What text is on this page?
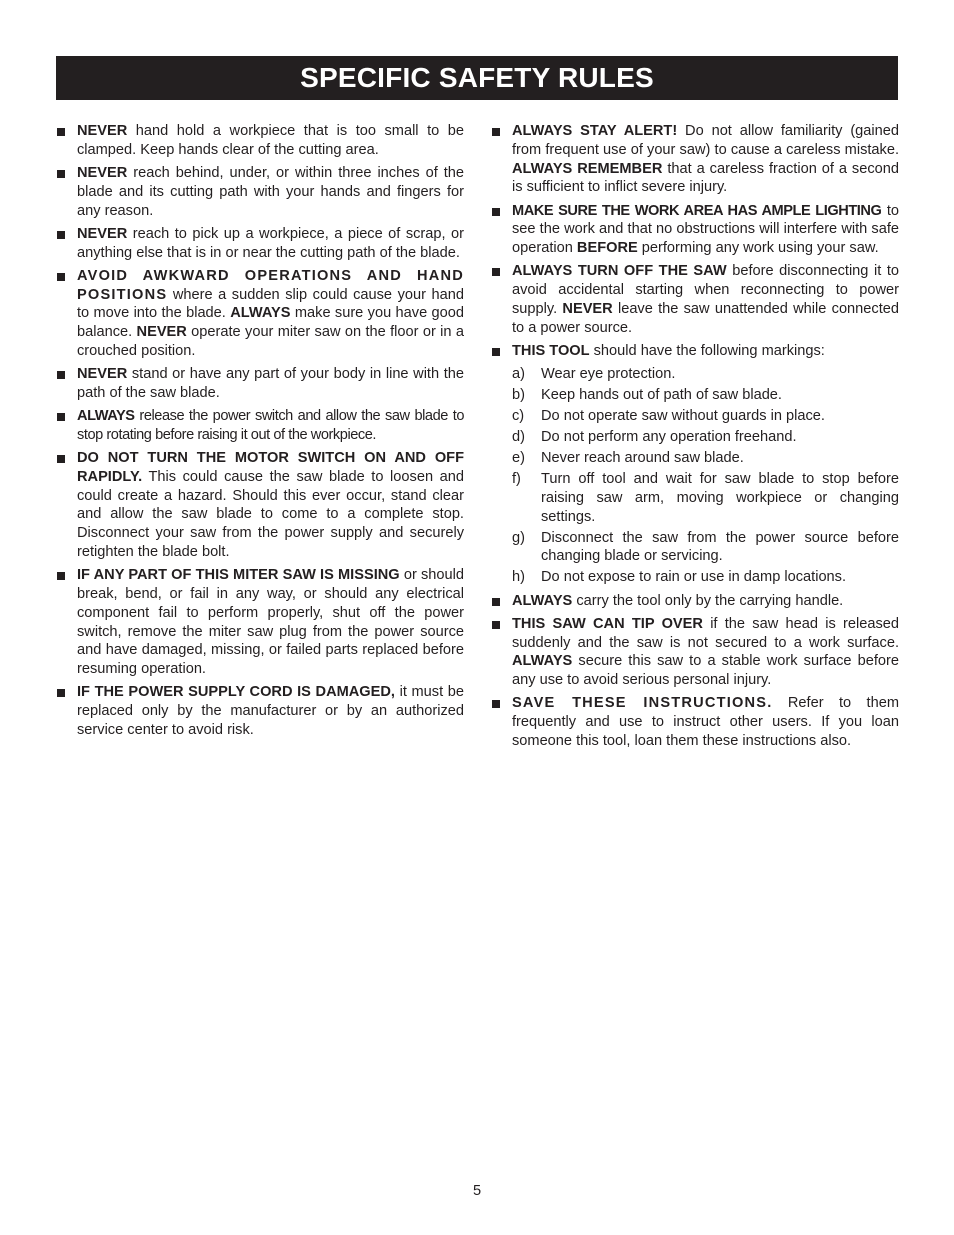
SPECIFIC SAFETY RULES
NEVER hand hold a workpiece that is too small to be clamped. Keep hands clear of the cutting area.
NEVER reach behind, under, or within three inches of the blade and its cutting path with your hands and fingers for any reason.
NEVER reach to pick up a workpiece, a piece of scrap, or anything else that is in or near the cutting path of the blade.
AVOID AWKWARD OPERATIONS AND HAND POSITIONS where a sudden slip could cause your hand to move into the blade. ALWAYS make sure you have good balance. NEVER operate your miter saw on the floor or in a crouched position.
NEVER stand or have any part of your body in line with the path of the saw blade.
ALWAYS release the power switch and allow the saw blade to stop rotating before raising it out of the workpiece.
DO NOT TURN THE MOTOR SWITCH ON AND OFF RAPIDLY. This could cause the saw blade to loosen and could create a hazard. Should this ever occur, stand clear and allow the saw blade to come to a complete stop. Disconnect your saw from the power supply and securely retighten the blade bolt.
IF ANY PART OF THIS MITER SAW IS MISSING or should break, bend, or fail in any way, or should any electrical component fail to perform properly, shut off the power switch, remove the miter saw plug from the power source and have damaged, missing, or failed parts replaced before resuming operation.
IF THE POWER SUPPLY CORD IS DAMAGED, it must be replaced only by the manufacturer or by an authorized service center to avoid risk.
ALWAYS STAY ALERT! Do not allow familiarity (gained from frequent use of your saw) to cause a careless mistake. ALWAYS REMEMBER that a careless fraction of a second is sufficient to inflict severe injury.
MAKE SURE THE WORK AREA HAS AMPLE LIGHTING to see the work and that no obstructions will interfere with safe operation BEFORE performing any work using your saw.
ALWAYS TURN OFF THE SAW before disconnecting it to avoid accidental starting when reconnecting to power supply. NEVER leave the saw unattended while connected to a power source.
THIS TOOL should have the following markings:
a) Wear eye protection.
b) Keep hands out of path of saw blade.
c) Do not operate saw without guards in place.
d) Do not perform any operation freehand.
e) Never reach around saw blade.
f) Turn off tool and wait for saw blade to stop before raising saw arm, moving workpiece or changing settings.
g) Disconnect the saw from the power source before changing blade or servicing.
h) Do not expose to rain or use in damp locations.
ALWAYS carry the tool only by the carrying handle.
THIS SAW CAN TIP OVER if the saw head is released suddenly and the saw is not secured to a work surface. ALWAYS secure this saw to a stable work surface before any use to avoid serious personal injury.
SAVE THESE INSTRUCTIONS. Refer to them frequently and use to instruct other users. If you loan someone this tool, loan them these instructions also.
5
